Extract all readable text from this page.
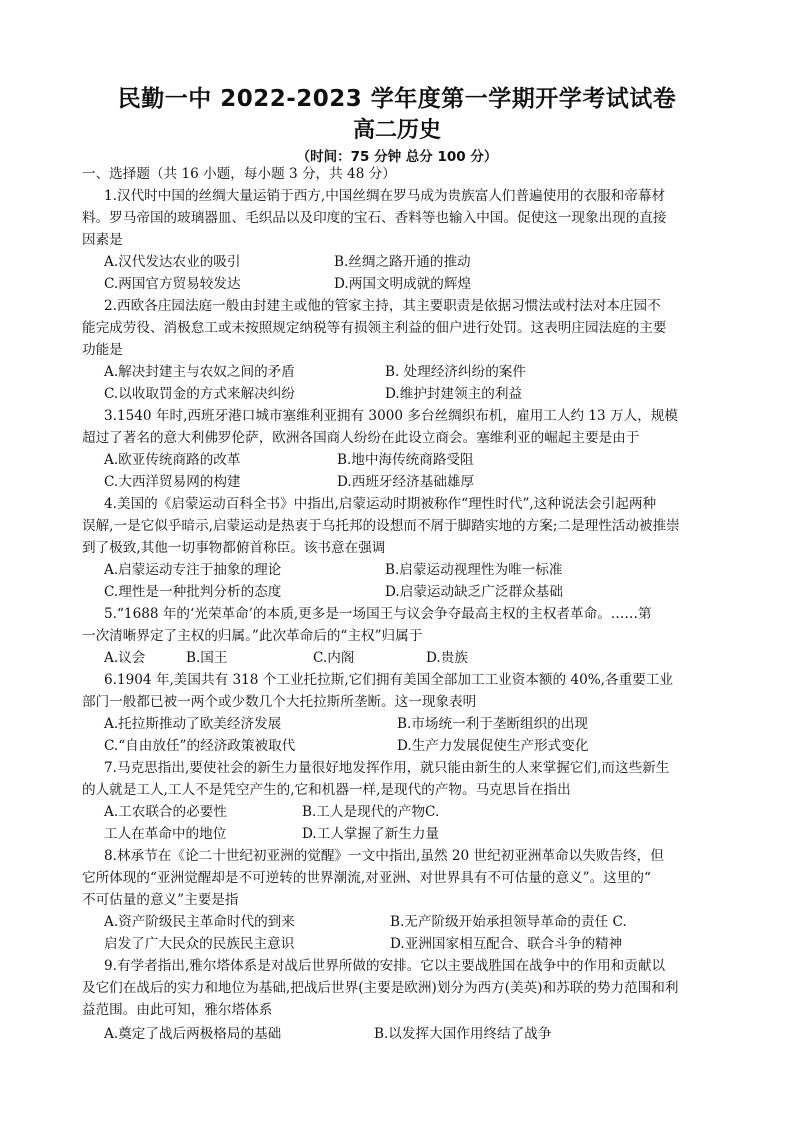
民勤一中 2022-2023 学年度第一学期开学考试试卷
高二历史
（时间：75 分钟 总分 100 分）
一、选择题（共 16 小题，每小题 3 分，共 48 分）
1.汉代时中国的丝绸大量运销于西方,中国丝绸在罗马成为贵族富人们普遍使用的衣服和帝幕材
料。罗马帝国的玻璃器皿、毛织品以及印度的宝石、香料等也输入中国。促使这一现象出现的直接
因素是
A.汉代发达农业的吸引	B.丝绸之路开通的推动
C.两国官方贸易较发达	D.两国文明成就的辉煌
2.西欧各庄园法庭一般由封建主或他的管家主持，其主要职责是依据习惯法或村法对本庄园不
能完成劳役、消极怠工或未按照规定纳税等有损领主利益的佃户进行处罚。这表明庄园法庭的主要
功能是
A.解决封建主与农奴之间的矛盾	B. 处理经济纠纷的案件
C.以收取罚金的方式来解决纠纷	D.维护封建领主的利益
3.1540 年时,西班牙港口城市塞维利亚拥有 3000 多台丝绸织布机，雇用工人约 13 万人，规模
超过了著名的意大利佛罗伦萨，欧洲各国商人纷纷在此设立商会。塞维利亚的崛起主要是由于
A.欧亚传统商路的改革	B.地中海传统商路受阻
C.大西洋贸易网的构建	D.西班牙经济基础雄厚
4.美国的《启蒙运动百科全书》中指出,启蒙运动时期被称作“理性时代”,这种说法会引起两种
误解,一是它似乎暗示,启蒙运动是热衷于乌托邦的设想而不屑于脚踏实地的方案;二是理性活动被推崇
到了极致,其他一切事物都俯首称臣。该书意在强调
A.启蒙运动专注于抽象的理论	B.启蒙运动视理性为唯一标准
C.理性是一种批判分析的态度	D.启蒙运动缺乏广泛群众基础
5.“1688 年的‘光荣革命’的本质,更多是一场国王与议会争夺最高主权的主权者革命。……第
一次清晰界定了主权的归属。”此次革命后的“主权”归属于
A.议会	B.国王	C.内阁	D.贵族
6.1904 年,美国共有 318 个工业托拉斯,它们拥有美国全部加工工业资本额的 40%,各重要工业
部门一般都已被一两个或少数几个大托拉斯所垄断。这一现象表明
A.托拉斯推动了欧美经济发展	B.市场统一利于垄断组织的出现
C.“自由放任”的经济政策被取代	D.生产力发展促使生产形式变化
7.马克思指出,要使社会的新生力量很好地发挥作用，就只能由新生的人来掌握它们,而这些新生
的人就是工人,工人不是凭空产生的,它和机器一样,是现代的产物。马克思旨在指出
A.工农联合的必要性	B.工人是现代的产物C.
工人在革命中的地位	D.工人掌握了新生力量
8.林承节在《论二十世纪初亚洲的觉醒》一文中指出,虽然 20 世纪初亚洲革命以失败告终，但
它所体现的“亚洲觉醒却是不可逆转的世界潮流,对亚洲、对世界具有不可估量的意义”。这里的“
不可估量的意义”主要是指
A.资产阶级民主革命时代的到来	B.无产阶级开始承担领导革命的责任 C.
启发了广大民众的民族民主意识	D.亚洲国家相互配合、联合斗争的精神
9.有学者指出,雅尔塔体系是对战后世界所做的安排。它以主要战胜国在战争中的作用和贡献以
及它们在战后的实力和地位为基础,把战后世界(主要是欧洲)划分为西方(美英)和苏联的势力范围和利
益范围。由此可知，雅尔塔体系
A.奠定了战后两极格局的基础	B.以发挥大国作用终结了战争
